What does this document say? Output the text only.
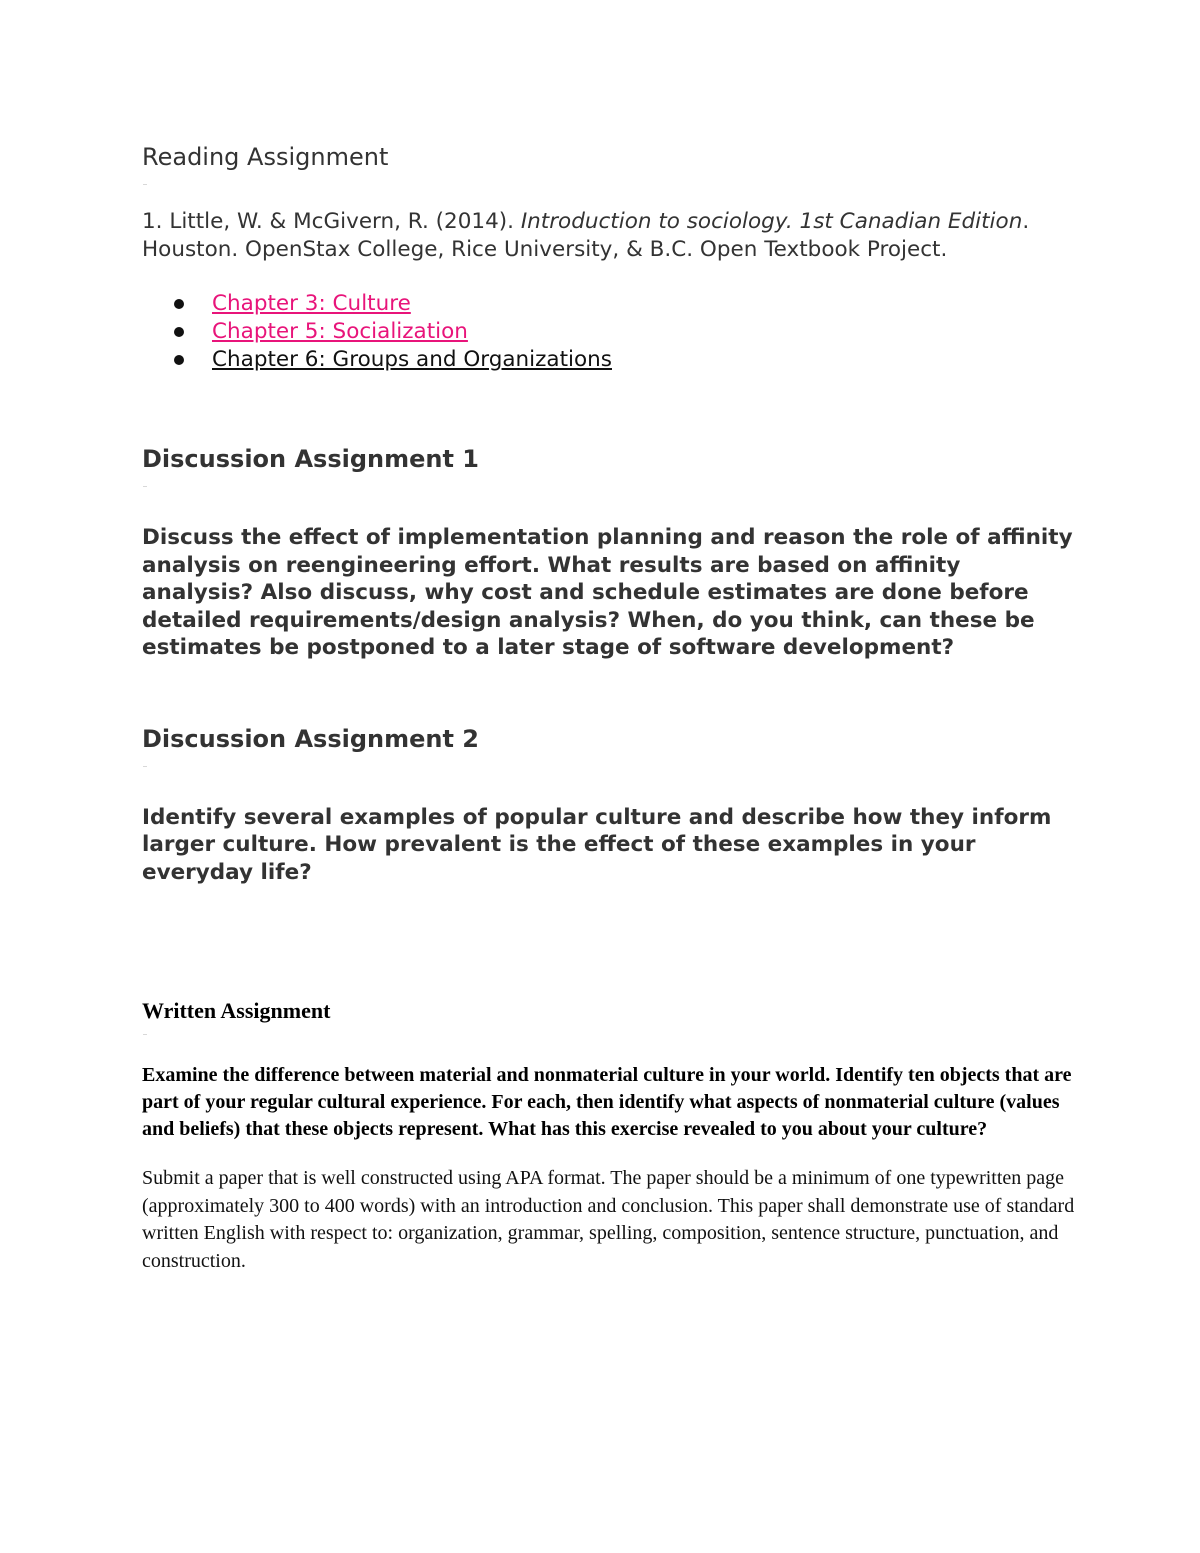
Reading Assignment

1. Little, W. & McGivern, R. (2014). Introduction to sociology. 1st Canadian Edition. Houston. OpenStax College, Rice University, & B.C. Open Textbook Project.

Chapter 3: Culture
Chapter 5: Socialization
Chapter 6: Groups and Organizations
Discussion Assignment 1

Discuss the effect of implementation planning and reason the role of affinity analysis on reengineering effort. What results are based on affinity analysis? Also discuss, why cost and schedule estimates are done before detailed requirements/design analysis? When, do you think, can these be estimates be postponed to a later stage of software development?

Discussion Assignment 2

Identify several examples of popular culture and describe how they inform larger culture. How prevalent is the effect of these examples in your everyday life?

Written Assignment

Examine the difference between material and nonmaterial culture in your world. Identify ten objects that are part of your regular cultural experience. For each, then identify what aspects of nonmaterial culture (values and beliefs) that these objects represent. What has this exercise revealed to you about your culture?

Submit a paper that is well constructed using APA format. The paper should be a minimum of one typewritten page (approximately 300 to 400 words) with an introduction and conclusion. This paper shall demonstrate use of standard written English with respect to: organization, grammar, spelling, composition, sentence structure, punctuation, and construction.
